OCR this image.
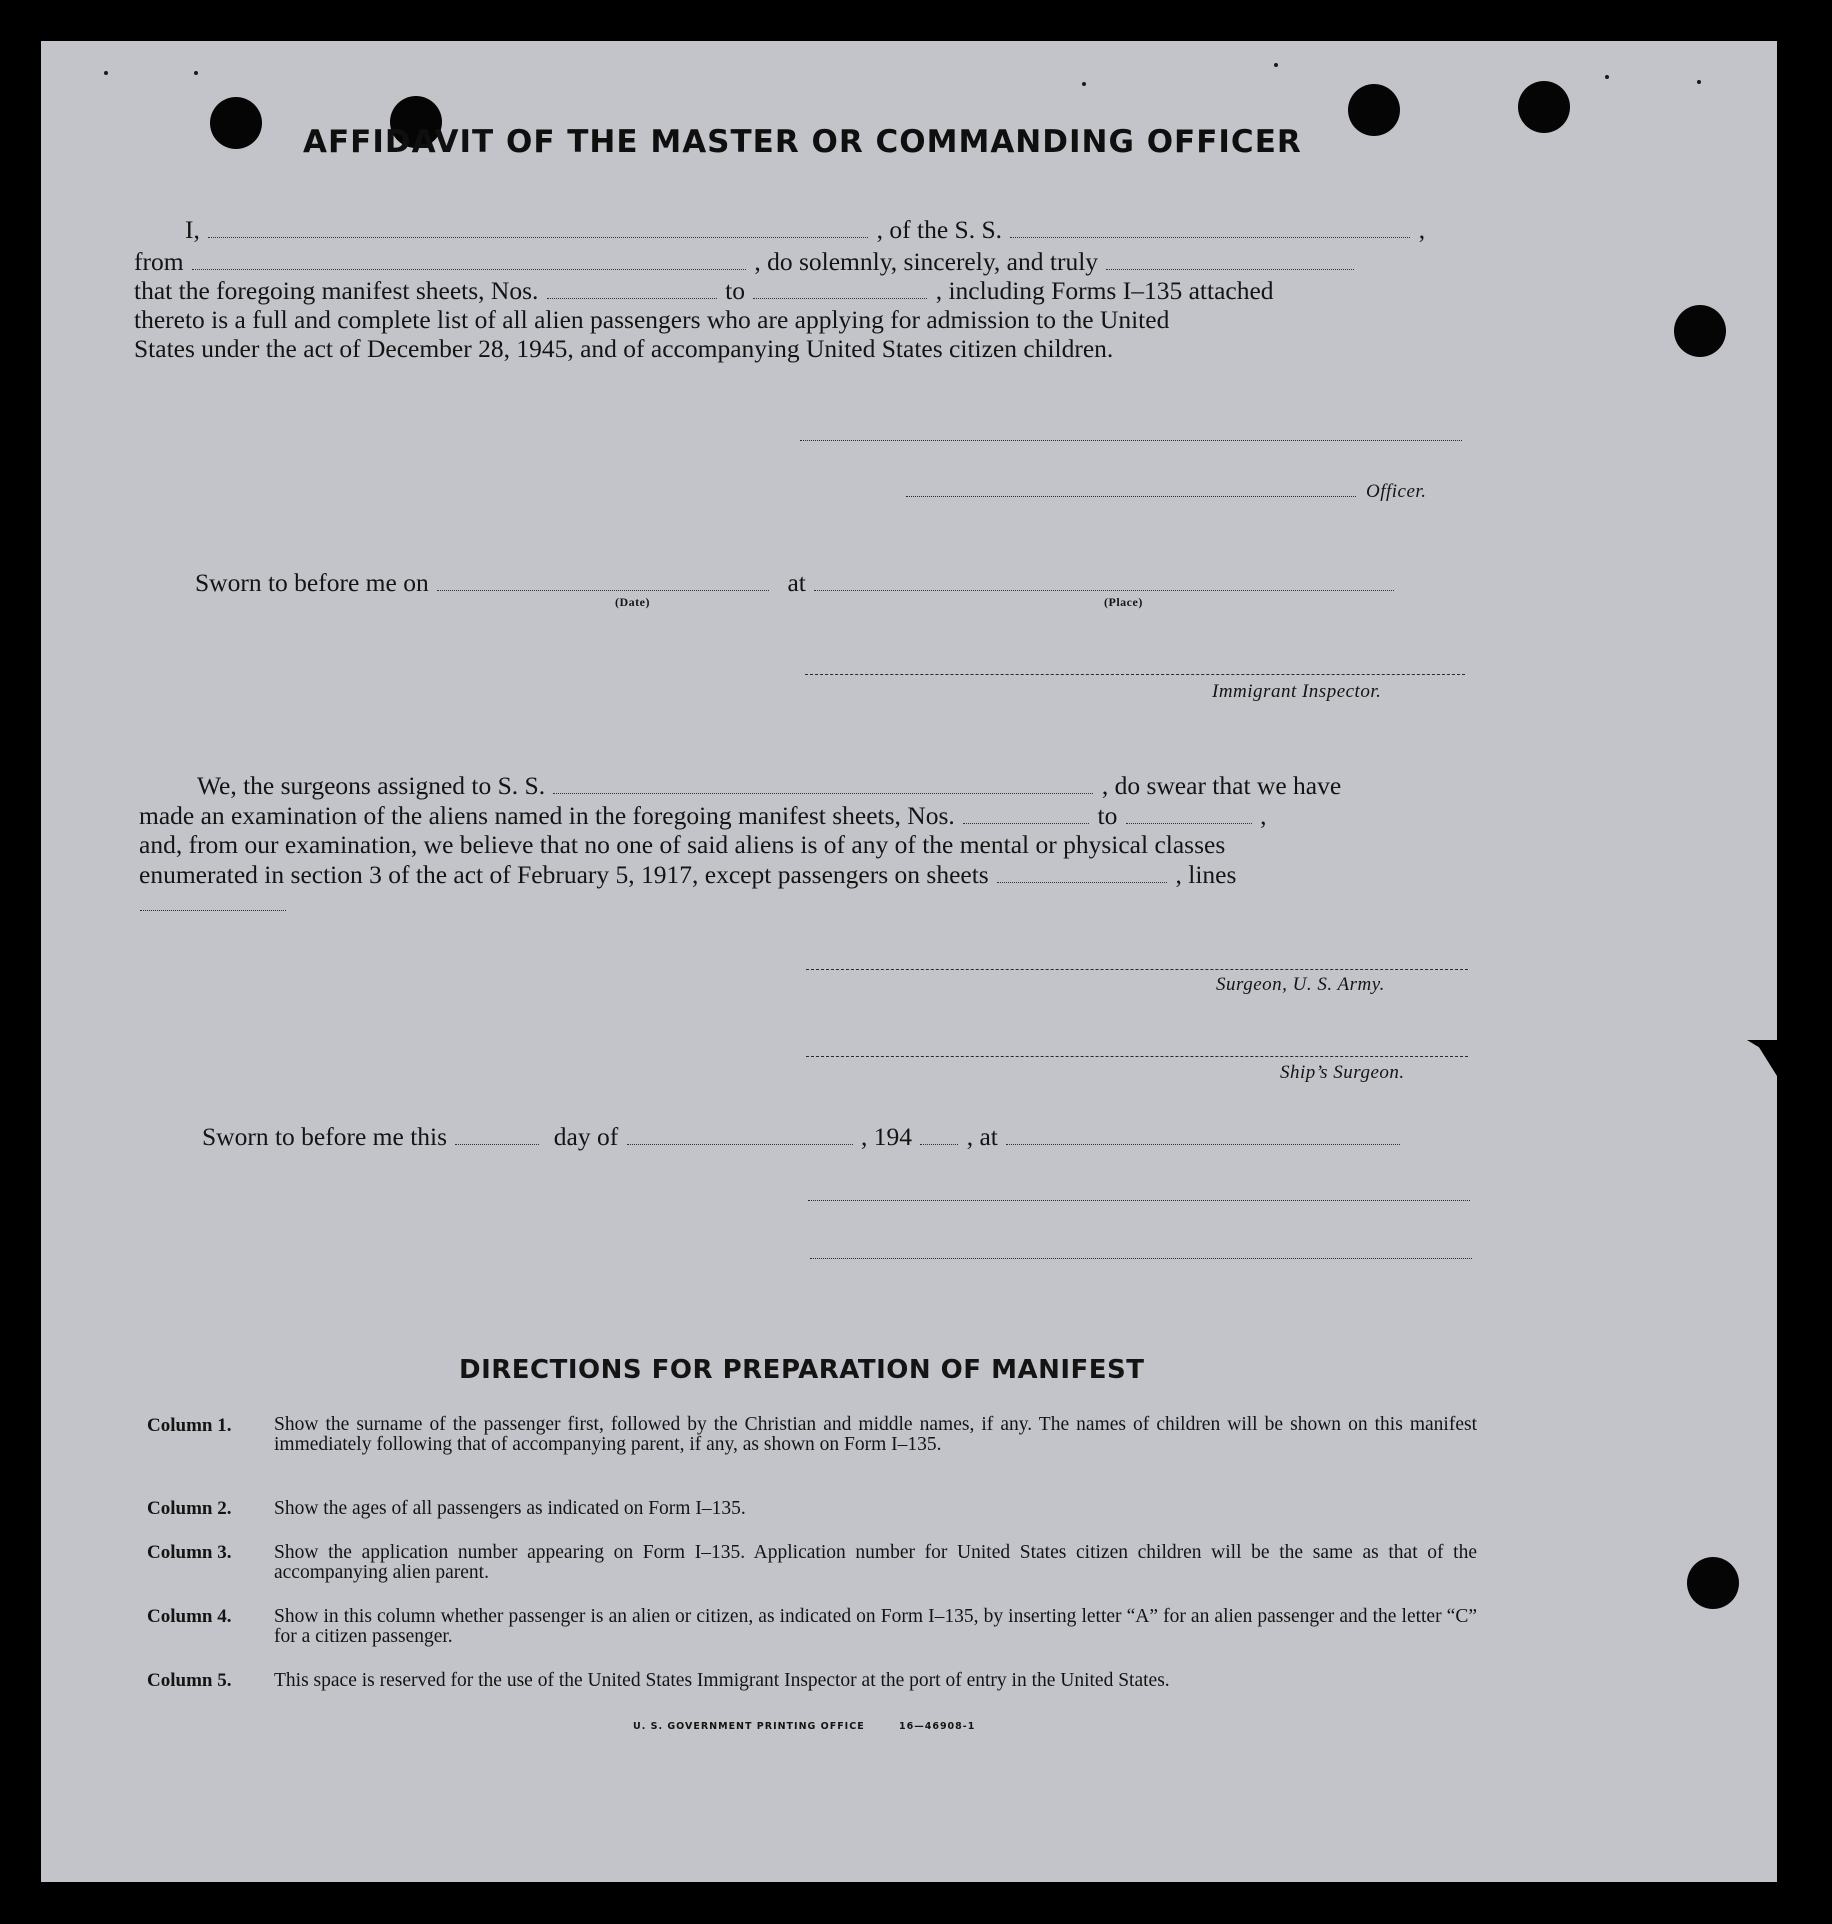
AFFIDAVIT OF THE MASTER OR COMMANDING OFFICER
I,	, of the S. S.	,
from	, do solemnly, sincerely, and truly
that the foregoing manifest sheets, Nos.	to	, including Forms I–135 attached
thereto is a full and complete list of all alien passengers who are applying for admission to the United
States under the act of December 28, 1945, and of accompanying United States citizen children.
Officer.
Sworn to before me on	at
(Date)	(Place)
Immigrant Inspector.
We, the surgeons assigned to S. S.	, do swear that we have
made an examination of the aliens named in the foregoing manifest sheets, Nos.	to	,
and, from our examination, we believe that no one of said aliens is of any of the mental or physical classes
enumerated in section 3 of the act of February 5, 1917, except passengers on sheets	, lines
Surgeon, U. S. Army.
Ship’s Surgeon.
Sworn to before me this	day of	, 194 , at
DIRECTIONS FOR PREPARATION OF MANIFEST
Column 1. Show the surname of the passenger first, followed by the Christian and middle names, if any. The names of children will be shown on this manifest immediately following that of accompanying parent, if any, as shown on Form I–135.
Column 2. Show the ages of all passengers as indicated on Form I–135.
Column 3. Show the application number appearing on Form I–135. Application number for United States citizen children will be the same as that of the accompanying alien parent.
Column 4. Show in this column whether passenger is an alien or citizen, as indicated on Form I–135, by inserting letter “A” for an alien passenger and the letter “C” for a citizen passenger.
Column 5. This space is reserved for the use of the United States Immigrant Inspector at the port of entry in the United States.
U. S. GOVERNMENT PRINTING OFFICE	16—46908-1
